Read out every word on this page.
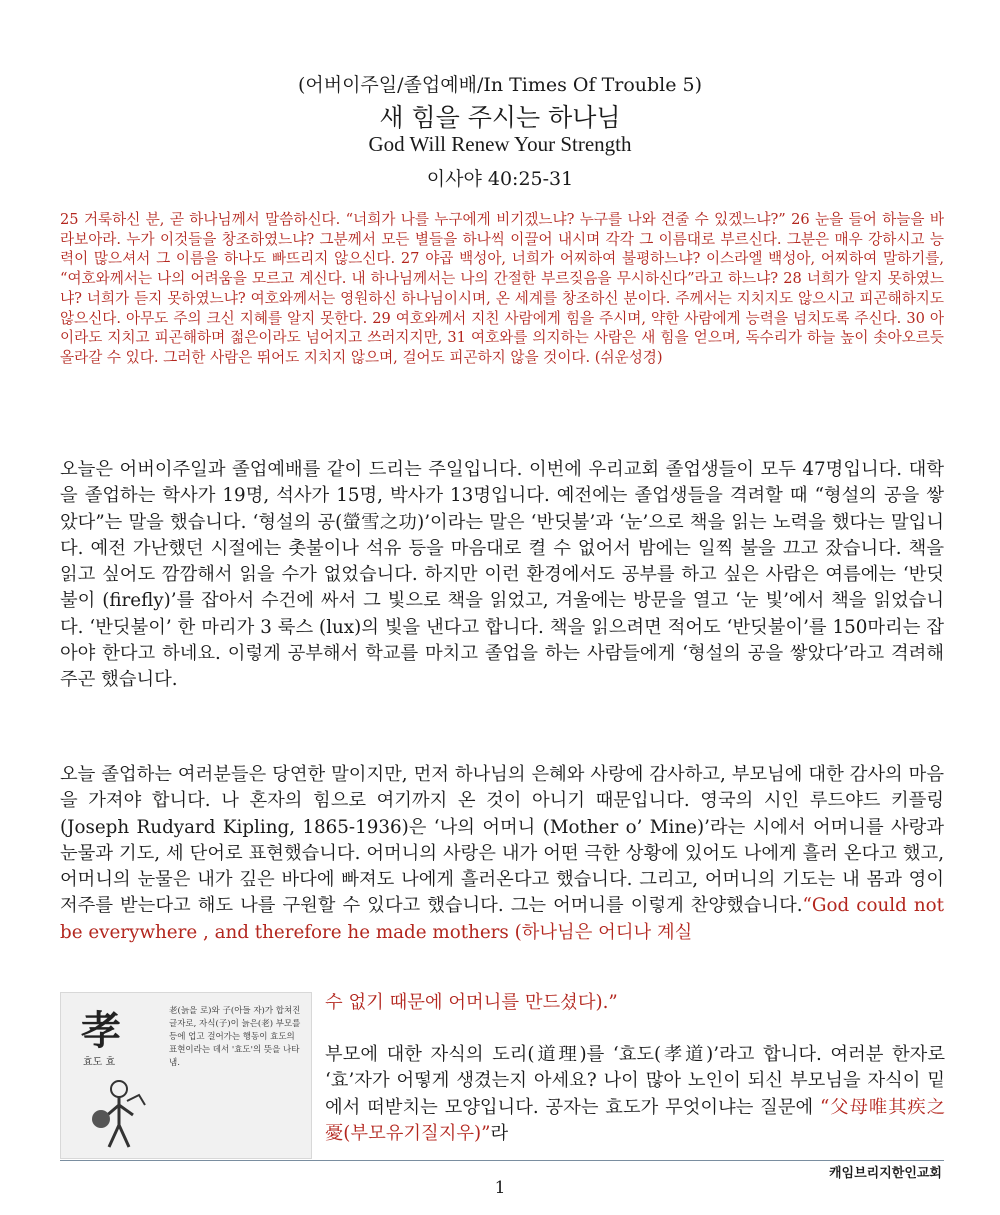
(어버이주일/졸업예배/In Times Of Trouble 5)
새 힘을 주시는 하나님
God Will Renew Your Strength
이사야 40:25-31
25 거룩하신 분, 곧 하나님께서 말씀하신다. “너희가 나를 누구에게 비기겠느냐? 누구를 나와 견줄 수 있겠느냐?” 26 눈을 들어 하늘을 바라보아라. 누가 이것들을 창조하였느냐? 그분께서 모든 별들을 하나씩 이끌어 내시며 각각 그 이름대로 부르신다. 그분은 매우 강하시고 능력이 많으셔서 그 이름을 하나도 빠뜨리지 않으신다. 27 야곱 백성아, 너희가 어찌하여 불평하느냐? 이스라엘 백성아, 어찌하여 말하기를, “여호와께서는 나의 어려움을 모르고 계신다. 내 하나님께서는 나의 간절한 부르짖음을 무시하신다”라고 하느냐? 28 너희가 알지 못하였느냐? 너희가 듣지 못하였느냐? 여호와께서는 영원하신 하나님이시며, 온 세계를 창조하신 분이다. 주께서는 지치지도 않으시고 피곤해하지도 않으신다. 아무도 주의 크신 지혜를 알지 못한다. 29 여호와께서 지친 사람에게 힘을 주시며, 약한 사람에게 능력을 넘치도록 주신다. 30 아이라도 지치고 피곤해하며 젊은이라도 넘어지고 쓰러지지만, 31 여호와를 의지하는 사람은 새 힘을 얻으며, 독수리가 하늘 높이 솟아오르듯 올라갈 수 있다. 그러한 사람은 뛰어도 지치지 않으며, 걸어도 피곤하지 않을 것이다. (쉬운성경)
오늘은 어버이주일과 졸업예배를 같이 드리는 주일입니다. 이번에 우리교회 졸업생들이 모두 47명입니다. 대학을 졸업하는 학사가 19명, 석사가 15명, 박사가 13명입니다. 예전에는 졸업생들을 격려할 때 “형설의 공을 쌓았다”는 말을 했습니다. ‘형설의 공(螢雪之功)’이라는 말은 ‘반딧불’과 ‘눈’으로 책을 읽는 노력을 했다는 말입니다. 예전 가난했던 시절에는 촛불이나 석유 등을 마음대로 켤 수 없어서 밤에는 일찍 불을 끄고 잤습니다. 책을 읽고 싶어도 깜깜해서 읽을 수가 없었습니다. 하지만 이런 환경에서도 공부를 하고 싶은 사람은 여름에는 ‘반딧불이 (firefly)’를 잡아서 수건에 싸서 그 빛으로 책을 읽었고, 겨울에는 방문을 열고 ‘눈 빛’에서 책을 읽었습니다. ‘반딧불이’ 한 마리가 3 룩스 (lux)의 빛을 낸다고 합니다. 책을 읽으려면 적어도 ‘반딧불이’를 150마리는 잡아야 한다고 하네요. 이렇게 공부해서 학교를 마치고 졸업을 하는 사람들에게 ‘형설의 공을 쌓았다’라고 격려해 주곤 했습니다.
오늘 졸업하는 여러분들은 당연한 말이지만, 먼저 하나님의 은혜와 사랑에 감사하고, 부모님에 대한 감사의 마음을 가져야 합니다. 나 혼자의 힘으로 여기까지 온 것이 아니기 때문입니다. 영국의 시인 루드야드 키플링 (Joseph Rudyard Kipling, 1865-1936)은 ‘나의 어머니 (Mother o’ Mine)’라는 시에서 어머니를 사랑과 눈물과 기도, 세 단어로 표현했습니다. 어머니의 사랑은 내가 어떤 극한 상황에 있어도 나에게 흘러 온다고 했고, 어머니의 눈물은 내가 깊은 바다에 빠져도 나에게 흘러온다고 했습니다. 그리고, 어머니의 기도는 내 몸과 영이 저주를 받는다고 해도 나를 구원할 수 있다고 했습니다. 그는 어머니를 이렇게 찬양했습니다.“God could not be everywhere , and therefore he made mothers (하나님은 어디나 계실
수 없기 때문에 어머니를 만드셨다).”
孝
효도 효
老(늙을 로)와 子(아들 자)가 합쳐진 글자로, 자식(子)이 늙은(老) 부모를 등에 업고 걸어가는 행동이 효도의 표현이라는 데서 '효도'의 뜻을 나타냄.	부모에 대한 자식의 도리(道理)를 ‘효도(孝道)’라고 합니다. 여러분 한자로 ‘효’자가 어떻게 생겼는지 아세요? 나이 많아 노인이 되신 부모님을 자식이 밑에서 떠받치는 모양입니다. 공자는 효도가 무엇이냐는 질문에 “父母唯其疾之憂(부모유기질지우)”라
캐임브리지한인교회
1
